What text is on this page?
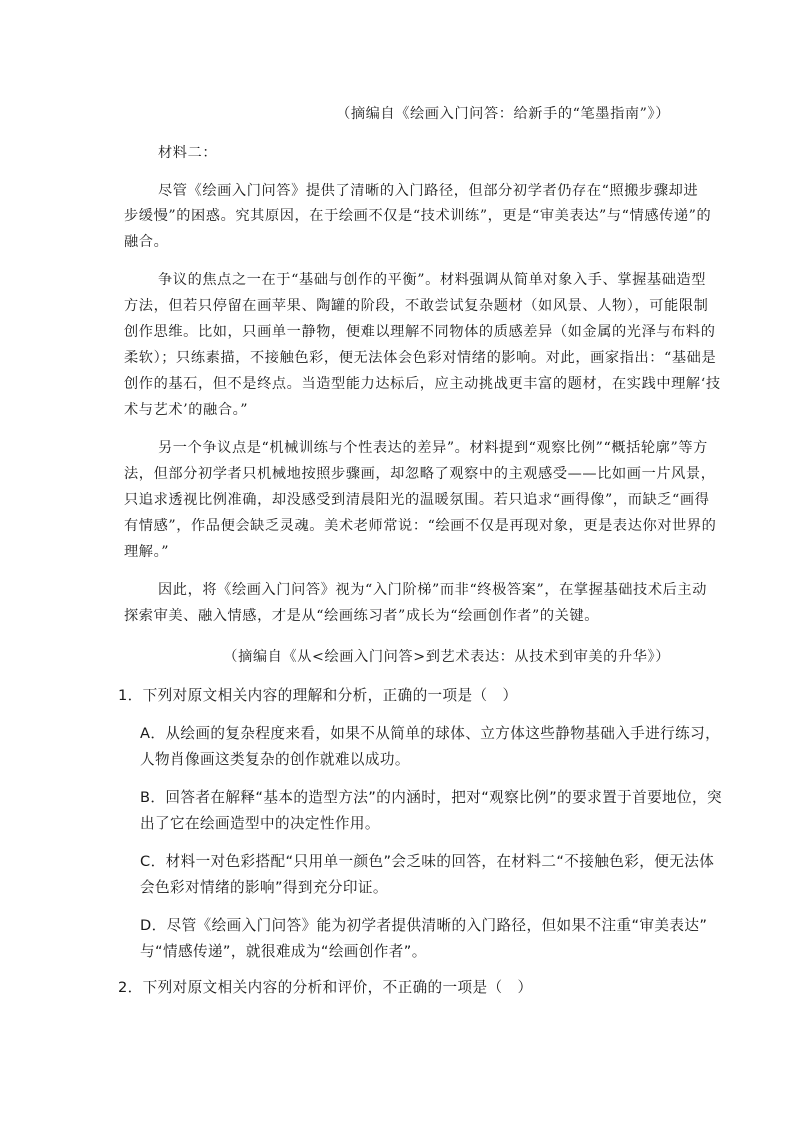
（摘编自《绘画入门问答：给新手的“笔墨指南”》）
材料二：
尽管《绘画入门问答》提供了清晰的入门路径，但部分初学者仍存在“照搬步骤却进
步缓慢”的困惑。究其原因，在于绘画不仅是“技术训练”，更是“审美表达”与“情感传递”的
融合。
争议的焦点之一在于“基础与创作的平衡”。材料强调从简单对象入手、掌握基础造型
方法，但若只停留在画苹果、陶罐的阶段，不敢尝试复杂题材（如风景、人物），可能限制
创作思维。比如，只画单一静物，便难以理解不同物体的质感差异（如金属的光泽与布料的
柔软）；只练素描，不接触色彩，便无法体会色彩对情绪的影响。对此，画家指出：“基础是
创作的基石，但不是终点。当造型能力达标后，应主动挑战更丰富的题材，在实践中理解‘技
术与艺术’的融合。”
另一个争议点是“机械训练与个性表达的差异”。材料提到“观察比例”“概括轮廓”等方
法，但部分初学者只机械地按照步骤画，却忽略了观察中的主观感受——比如画一片风景，
只追求透视比例准确，却没感受到清晨阳光的温暖氛围。若只追求“画得像”，而缺乏“画得
有情感”，作品便会缺乏灵魂。美术老师常说：“绘画不仅是再现对象，更是表达你对世界的
理解。”
因此，将《绘画入门问答》视为“入门阶梯”而非“终极答案”，在掌握基础技术后主动
探索审美、融入情感，才是从“绘画练习者”成长为“绘画创作者”的关键。
（摘编自《从<绘画入门问答>到艺术表达：从技术到审美的升华》）
1．下列对原文相关内容的理解和分析，正确的一项是（　）
A．从绘画的复杂程度来看，如果不从简单的球体、立方体这些静物基础入手进行练习，
人物肖像画这类复杂的创作就难以成功。
B．回答者在解释“基本的造型方法”的内涵时，把对“观察比例”的要求置于首要地位，突
出了它在绘画造型中的决定性作用。
C．材料一对色彩搭配“只用单一颜色”会乏味的回答，在材料二“不接触色彩，便无法体
会色彩对情绪的影响”得到充分印证。
D．尽管《绘画入门问答》能为初学者提供清晰的入门路径，但如果不注重“审美表达”
与“情感传递”，就很难成为“绘画创作者”。
2．下列对原文相关内容的分析和评价，不正确的一项是（　）
